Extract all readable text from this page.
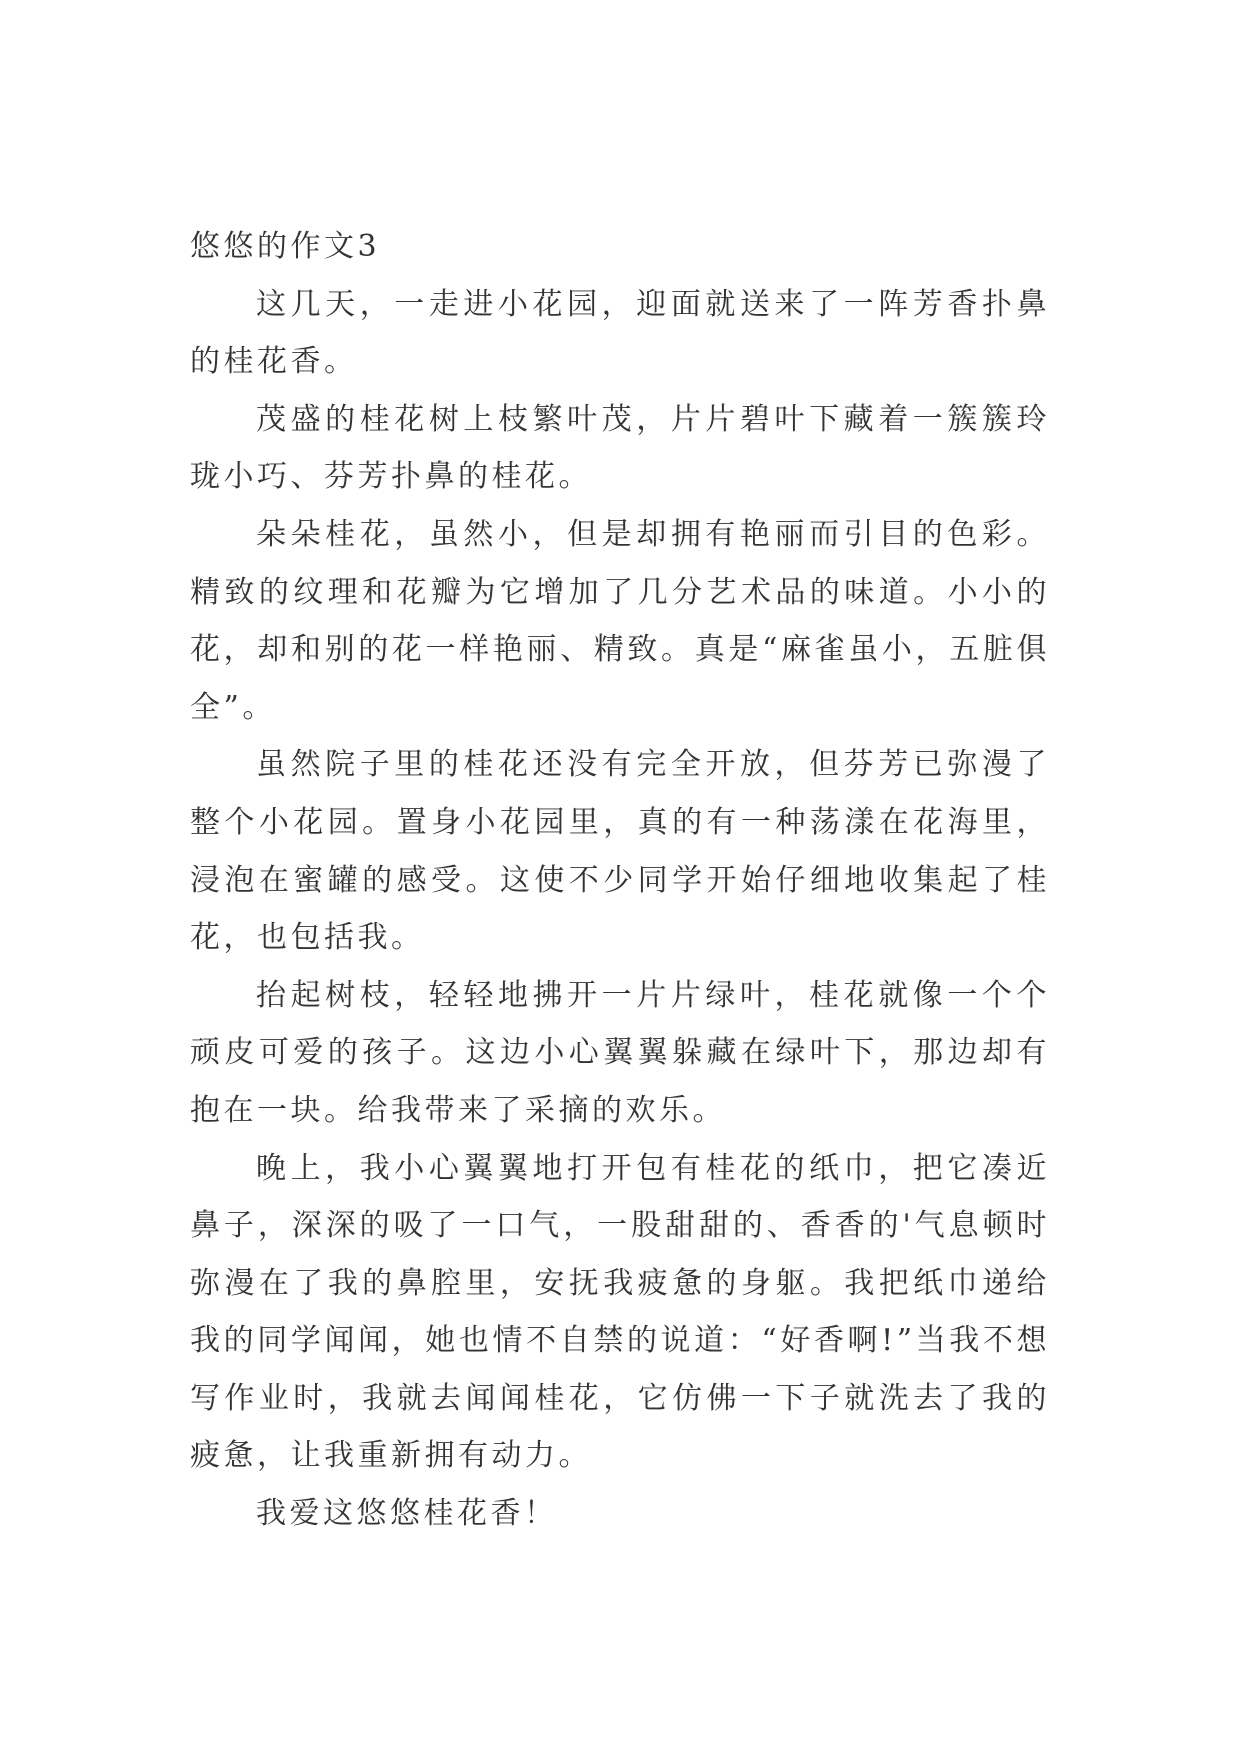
悠悠的作文3

这几天，一走进小花园，迎面就送来了一阵芳香扑鼻的桂花香。

茂盛的桂花树上枝繁叶茂，片片碧叶下藏着一簇簇玲珑小巧、芬芳扑鼻的桂花。

朵朵桂花，虽然小，但是却拥有艳丽而引目的色彩。精致的纹理和花瓣为它增加了几分艺术品的味道。小小的花，却和别的花一样艳丽、精致。真是“麻雀虽小，五脏俱全”。

虽然院子里的桂花还没有完全开放，但芬芳已弥漫了整个小花园。置身小花园里，真的有一种荡漾在花海里，浸泡在蜜罐的感受。这使不少同学开始仔细地收集起了桂花，也包括我。

抬起树枝，轻轻地拂开一片片绿叶，桂花就像一个个顽皮可爱的孩子。这边小心翼翼躲藏在绿叶下，那边却有抱在一块。给我带来了采摘的欢乐。

晚上，我小心翼翼地打开包有桂花的纸巾，把它凑近鼻子，深深的吸了一口气，一股甜甜的、香香的'气息顿时弥漫在了我的鼻腔里，安抚我疲惫的身躯。我把纸巾递给我的同学闻闻，她也情不自禁的说道：“好香啊!”当我不想写作业时，我就去闻闻桂花，它仿佛一下子就洗去了我的疲惫，让我重新拥有动力。

我爱这悠悠桂花香！
